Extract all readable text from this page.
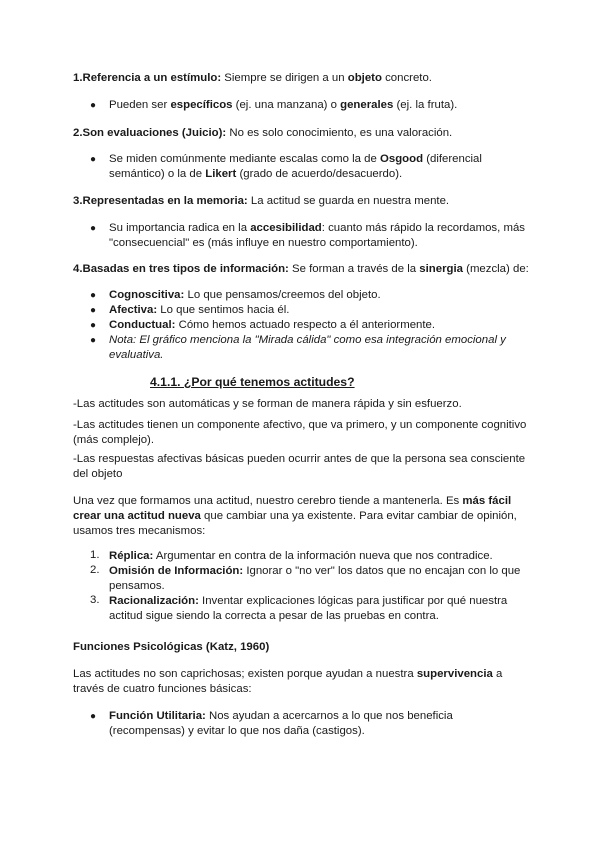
1.Referencia a un estímulo: Siempre se dirigen a un objeto concreto.
● Pueden ser específicos (ej. una manzana) o generales (ej. la fruta).
2.Son evaluaciones (Juicio): No es solo conocimiento, es una valoración.
● Se miden comúnmente mediante escalas como la de Osgood (diferencial semántico) o la de Likert (grado de acuerdo/desacuerdo).
3.Representadas en la memoria: La actitud se guarda en nuestra mente.
● Su importancia radica en la accesibilidad: cuanto más rápido la recordamos, más "consecuencial" es (más influye en nuestro comportamiento).
4.Basadas en tres tipos de información: Se forman a través de la sinergia (mezcla) de:
● Cognoscitiva: Lo que pensamos/creemos del objeto.
● Afectiva: Lo que sentimos hacia él.
● Conductual: Cómo hemos actuado respecto a él anteriormente.
● Nota: El gráfico menciona la "Mirada cálida" como esa integración emocional y evaluativa.
4.1.1. ¿Por qué tenemos actitudes?
-Las actitudes son automáticas y se forman de manera rápida y sin esfuerzo.
-Las actitudes tienen un componente afectivo, que va primero, y un componente cognitivo (más complejo).
-Las respuestas afectivas básicas pueden ocurrir antes de que la persona sea consciente del objeto
Una vez que formamos una actitud, nuestro cerebro tiende a mantenerla. Es más fácil crear una actitud nueva que cambiar una ya existente. Para evitar cambiar de opinión, usamos tres mecanismos:
1. Réplica: Argumentar en contra de la información nueva que nos contradice.
2. Omisión de Información: Ignorar o "no ver" los datos que no encajan con lo que pensamos.
3. Racionalización: Inventar explicaciones lógicas para justificar por qué nuestra actitud sigue siendo la correcta a pesar de las pruebas en contra.
Funciones Psicológicas (Katz, 1960)
Las actitudes no son caprichosas; existen porque ayudan a nuestra supervivencia a través de cuatro funciones básicas:
● Función Utilitaria: Nos ayudan a acercarnos a lo que nos beneficia (recompensas) y evitar lo que nos daña (castigos).
